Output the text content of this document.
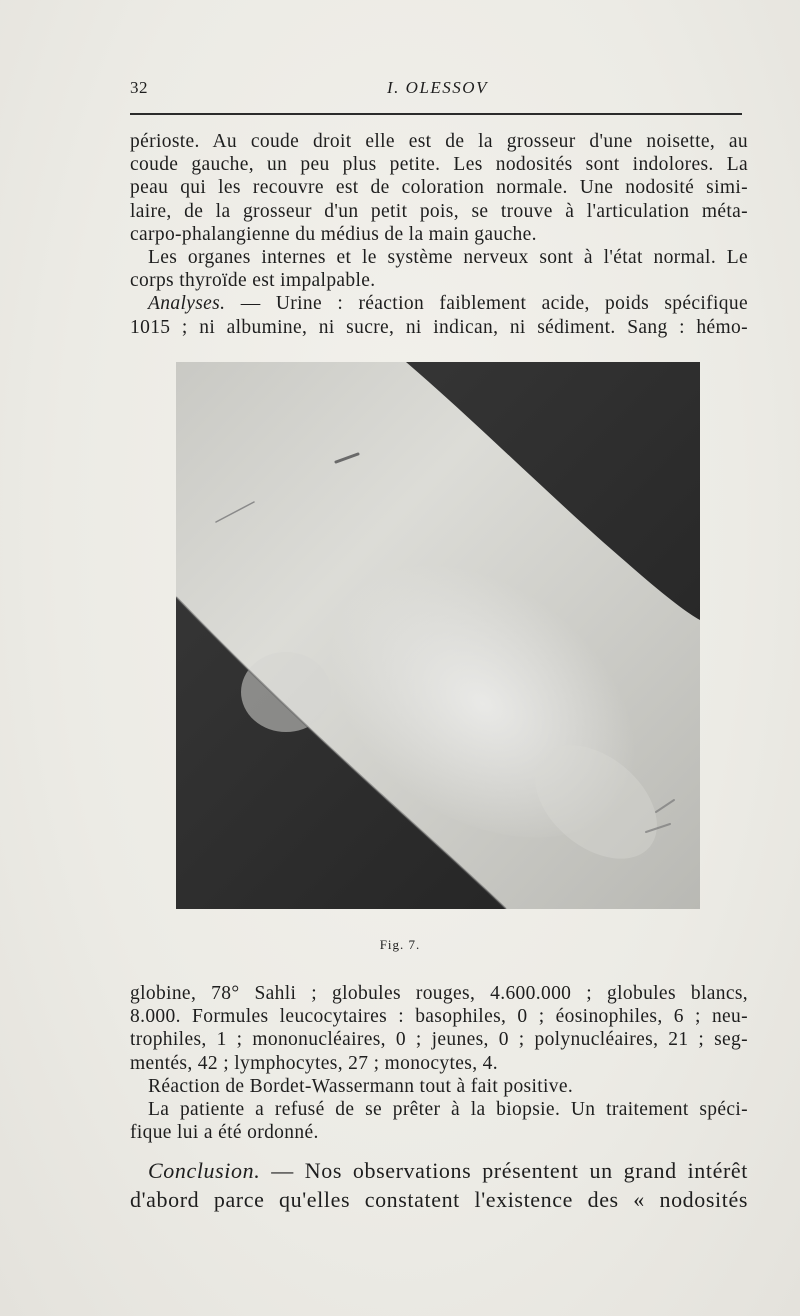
32	I. OLESSOV
périoste. Au coude droit elle est de la grosseur d'une noisette, au
coude gauche, un peu plus petite. Les nodosités sont indolores. La
peau qui les recouvre est de coloration normale. Une nodosité simi-
laire, de la grosseur d'un petit pois, se trouve à l'articulation méta-
carpo-phalangienne du médius de la main gauche.
Les organes internes et le système nerveux sont à l'état normal. Le
corps thyroïde est impalpable.
Analyses. — Urine : réaction faiblement acide, poids spécifique
1015 ; ni albumine, ni sucre, ni indican, ni sédiment. Sang : hémo-
Fig. 7.
globine, 78° Sahli ; globules rouges, 4.600.000 ; globules blancs,
8.000. Formules leucocytaires : basophiles, 0 ; éosinophiles, 6 ; neu-
trophiles, 1 ; mononucléaires, 0 ; jeunes, 0 ; polynucléaires, 21 ; seg-
mentés, 42 ; lymphocytes, 27 ; monocytes, 4.
Réaction de Bordet-Wassermann tout à fait positive.
La patiente a refusé de se prêter à la biopsie. Un traitement spéci-
fique lui a été ordonné.
Conclusion. — Nos observations présentent un grand intérêt
d'abord parce qu'elles constatent l'existence des « nodosités
